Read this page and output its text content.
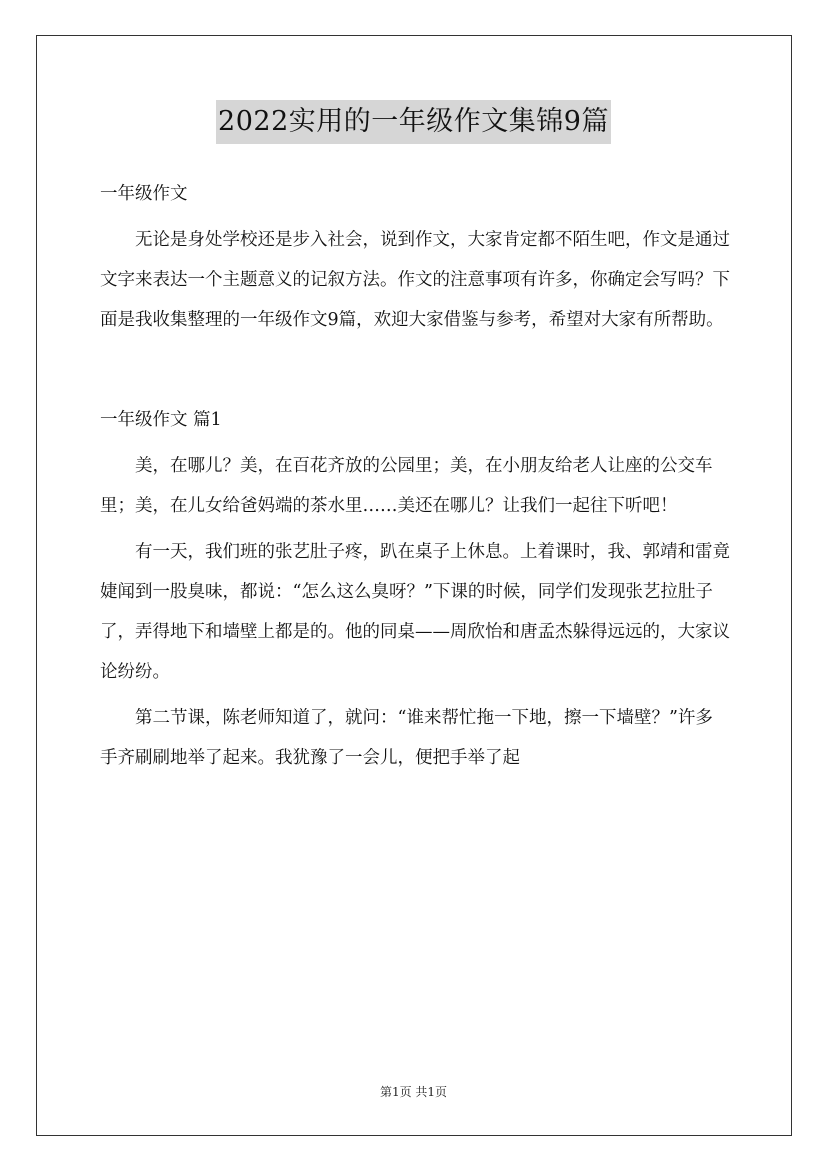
2022实用的一年级作文集锦9篇

一年级作文

无论是身处学校还是步入社会，说到作文，大家肯定都不陌生吧，作文是通过文字来表达一个主题意义的记叙方法。作文的注意事项有许多，你确定会写吗？下面是我收集整理的一年级作文9篇，欢迎大家借鉴与参考，希望对大家有所帮助。

一年级作文 篇1

美，在哪儿？美，在百花齐放的公园里；美，在小朋友给老人让座的公交车里；美，在儿女给爸妈端的茶水里……美还在哪儿？让我们一起往下听吧！

有一天，我们班的张艺肚子疼，趴在桌子上休息。上着课时，我、郭靖和雷竟婕闻到一股臭味，都说：“怎么这么臭呀？”下课的时候，同学们发现张艺拉肚子了，弄得地下和墙壁上都是的。他的同桌——周欣怡和唐孟杰躲得远远的，大家议论纷纷。

第二节课，陈老师知道了，就问：“谁来帮忙拖一下地，擦一下墙壁？”许多手齐刷刷地举了起来。我犹豫了一会儿，便把手举了起

第1页 共1页
